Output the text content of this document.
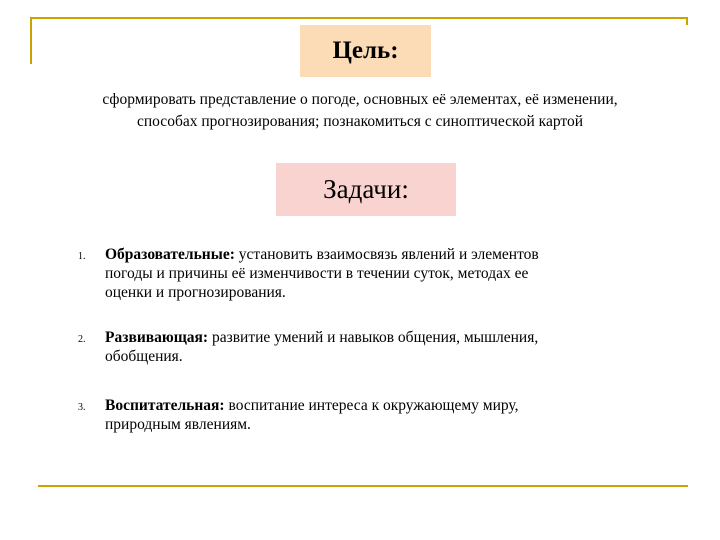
Цель:
сформировать представление о погоде, основных её элементах, её изменении,
способах прогнозирования; познакомиться с синоптической картой
Задачи:
1. Образовательные: установить взаимосвязь явлений и элементов
погоды и причины её изменчивости в течении суток, методах ее
оценки и прогнозирования.
2. Развивающая: развитие умений и навыков общения, мышления,
обобщения.
3. Воспитательная: воспитание интереса к окружающему миру,
природным явлениям.
